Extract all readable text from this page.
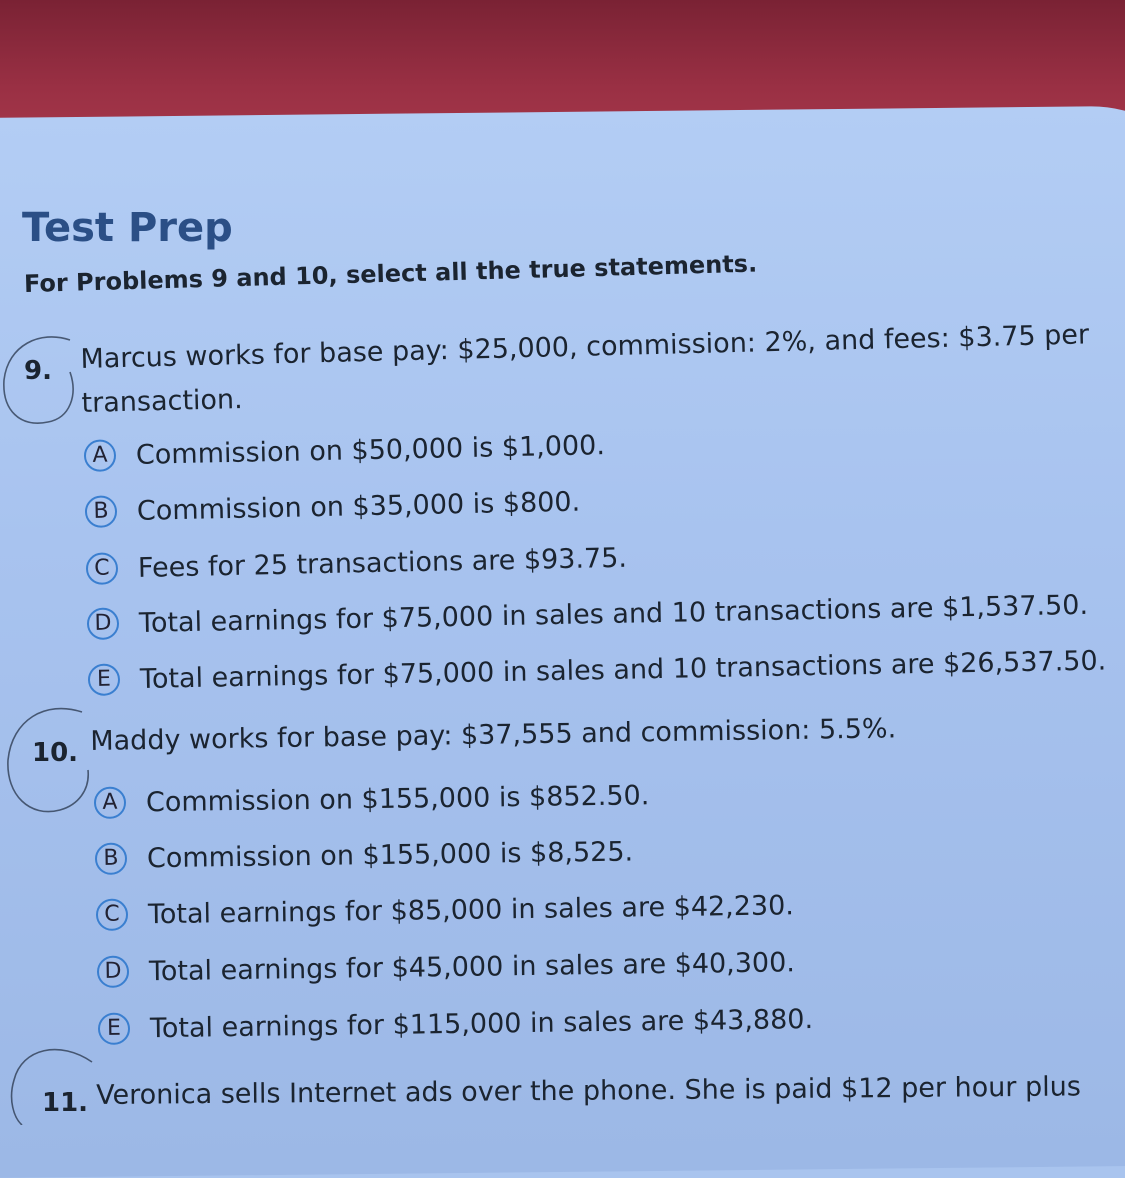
Test Prep
For Problems 9 and 10, select all the true statements.
9. Marcus works for base pay: $25,000, commission: 2%, and fees: $3.75 per
transaction.
A	Commission on $50,000 is $1,000.
B	Commission on $35,000 is $800.
C	Fees for 25 transactions are $93.75.
D Total earnings for $75,000 in sales and 10 transactions are $1,537.50.
E	Total earnings for $75,000 in sales and 10 transactions are $26,537.50.
10. Maddy works for base pay: $37,555 and commission: 5.5%.
A	Commission on $155,000 is $852.50.
B	Commission on $155,000 is $8,525.
C	Total earnings for $85,000 in sales are $42,230.
D Total earnings for $45,000 in sales are $40,300.
E	Total earnings for $115,000 in sales are $43,880.
11. Veronica sells Internet ads over the phone. She is paid $12 per hour plus
